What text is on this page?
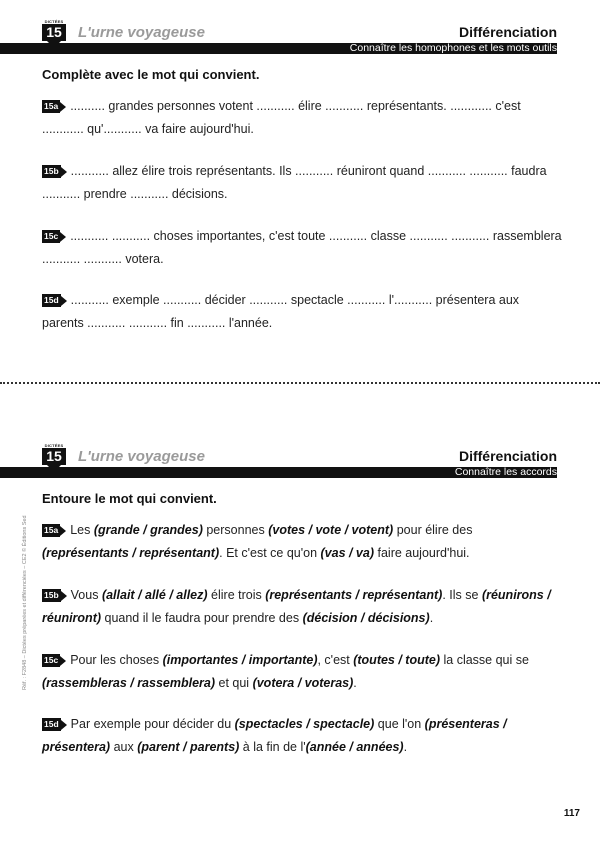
DICTÉES
15 L'urne voyageuse	Différenciation
Connaître les homophones et les mots outils
Complète avec le mot qui convient.
15a .......... grandes personnes votent ........... élire ........... représentants. ............ c'est ............ qu'........... va faire aujourd'hui.
15b ........... allez élire trois représentants. Ils ........... réuniront quand ........... ........... faudra ........... prendre ........... décisions.
15c ........... ........... choses importantes, c'est toute ........... classe ........... ........... rassemblera ........... ........... votera.
15d ........... exemple ........... décider ........... spectacle ........... l'........... présentera aux parents ........... ........... fin ........... l'année.
DICTÉES
15 L'urne voyageuse	Différenciation
Connaître les accords
Entoure le mot qui convient.
15a Les (grande / grandes) personnes (votes / vote / votent) pour élire des (représentants / représentant). Et c'est ce qu'on (vas / va) faire aujourd'hui.
15b Vous (allait / allé / allez) élire trois (représentants / représentant). Ils se (réunirons / réuniront) quand il le faudra pour prendre des (décision / décisions).
15c Pour les choses (importantes / importante), c'est (toutes / toute) la classe qui se (rassembleras / rassemblera) et qui (votera / voteras).
15d Par exemple pour décider du (spectacles / spectacle) que l'on (présenteras / présentera) aux (parent / parents) à la fin de l'(année / années).
Réf. : F2848 – Dictées préparées et différenciées – CE2 © Éditions Sed
117
